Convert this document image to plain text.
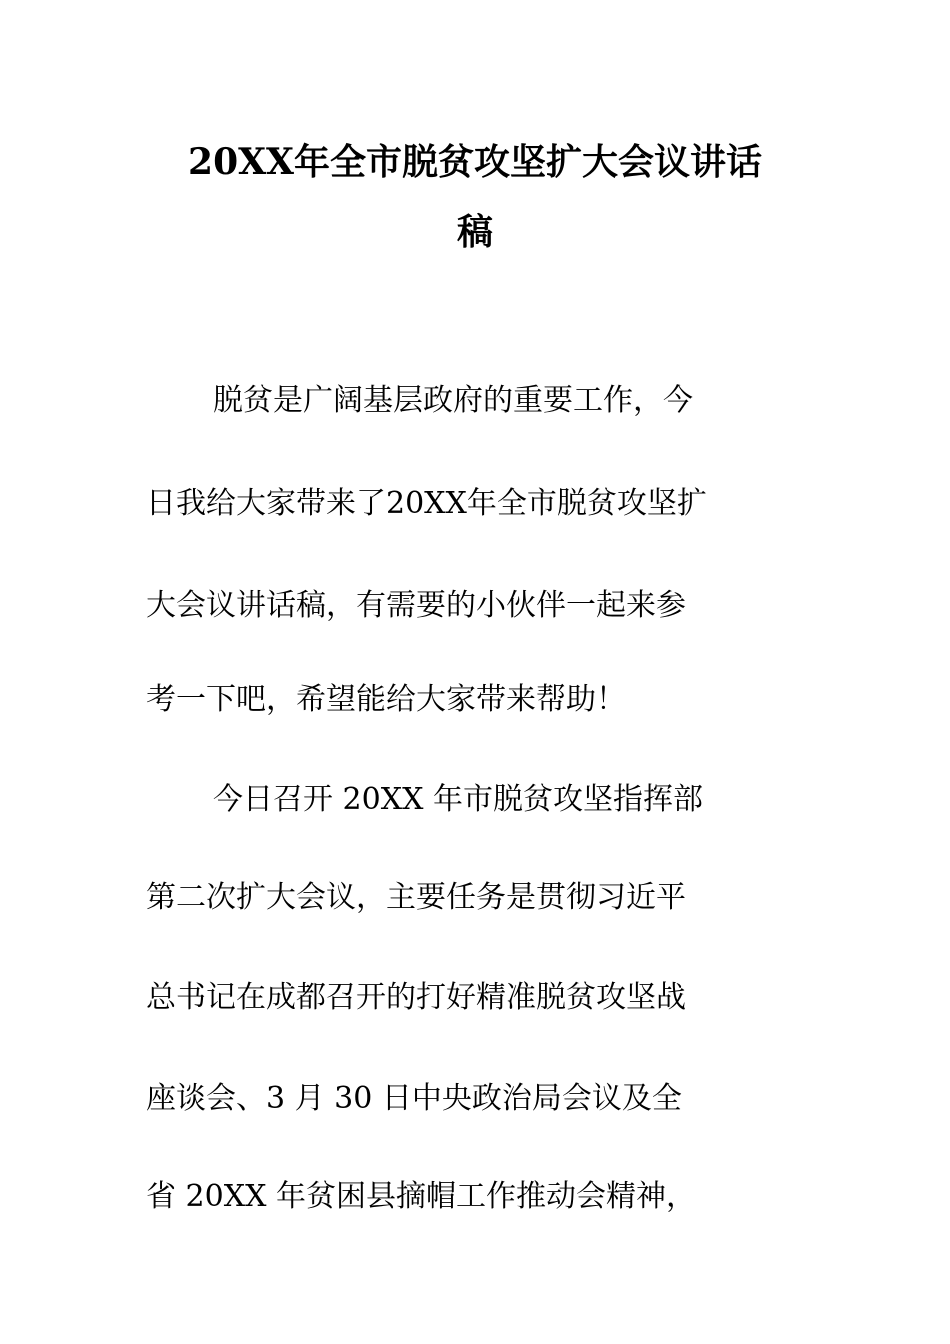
20XX年全市脱贫攻坚扩大会议讲话
稿

脱贫是广阔基层政府的重要工作，今

日我给大家带来了20XX年全市脱贫攻坚扩

大会议讲话稿，有需要的小伙伴一起来参

考一下吧，希望能给大家带来帮助！

今日召开 20XX 年市脱贫攻坚指挥部

第二次扩大会议，主要任务是贯彻习近平

总书记在成都召开的打好精准脱贫攻坚战

座谈会、3 月 30 日中央政治局会议及全

省 20XX 年贫困县摘帽工作推动会精神，
